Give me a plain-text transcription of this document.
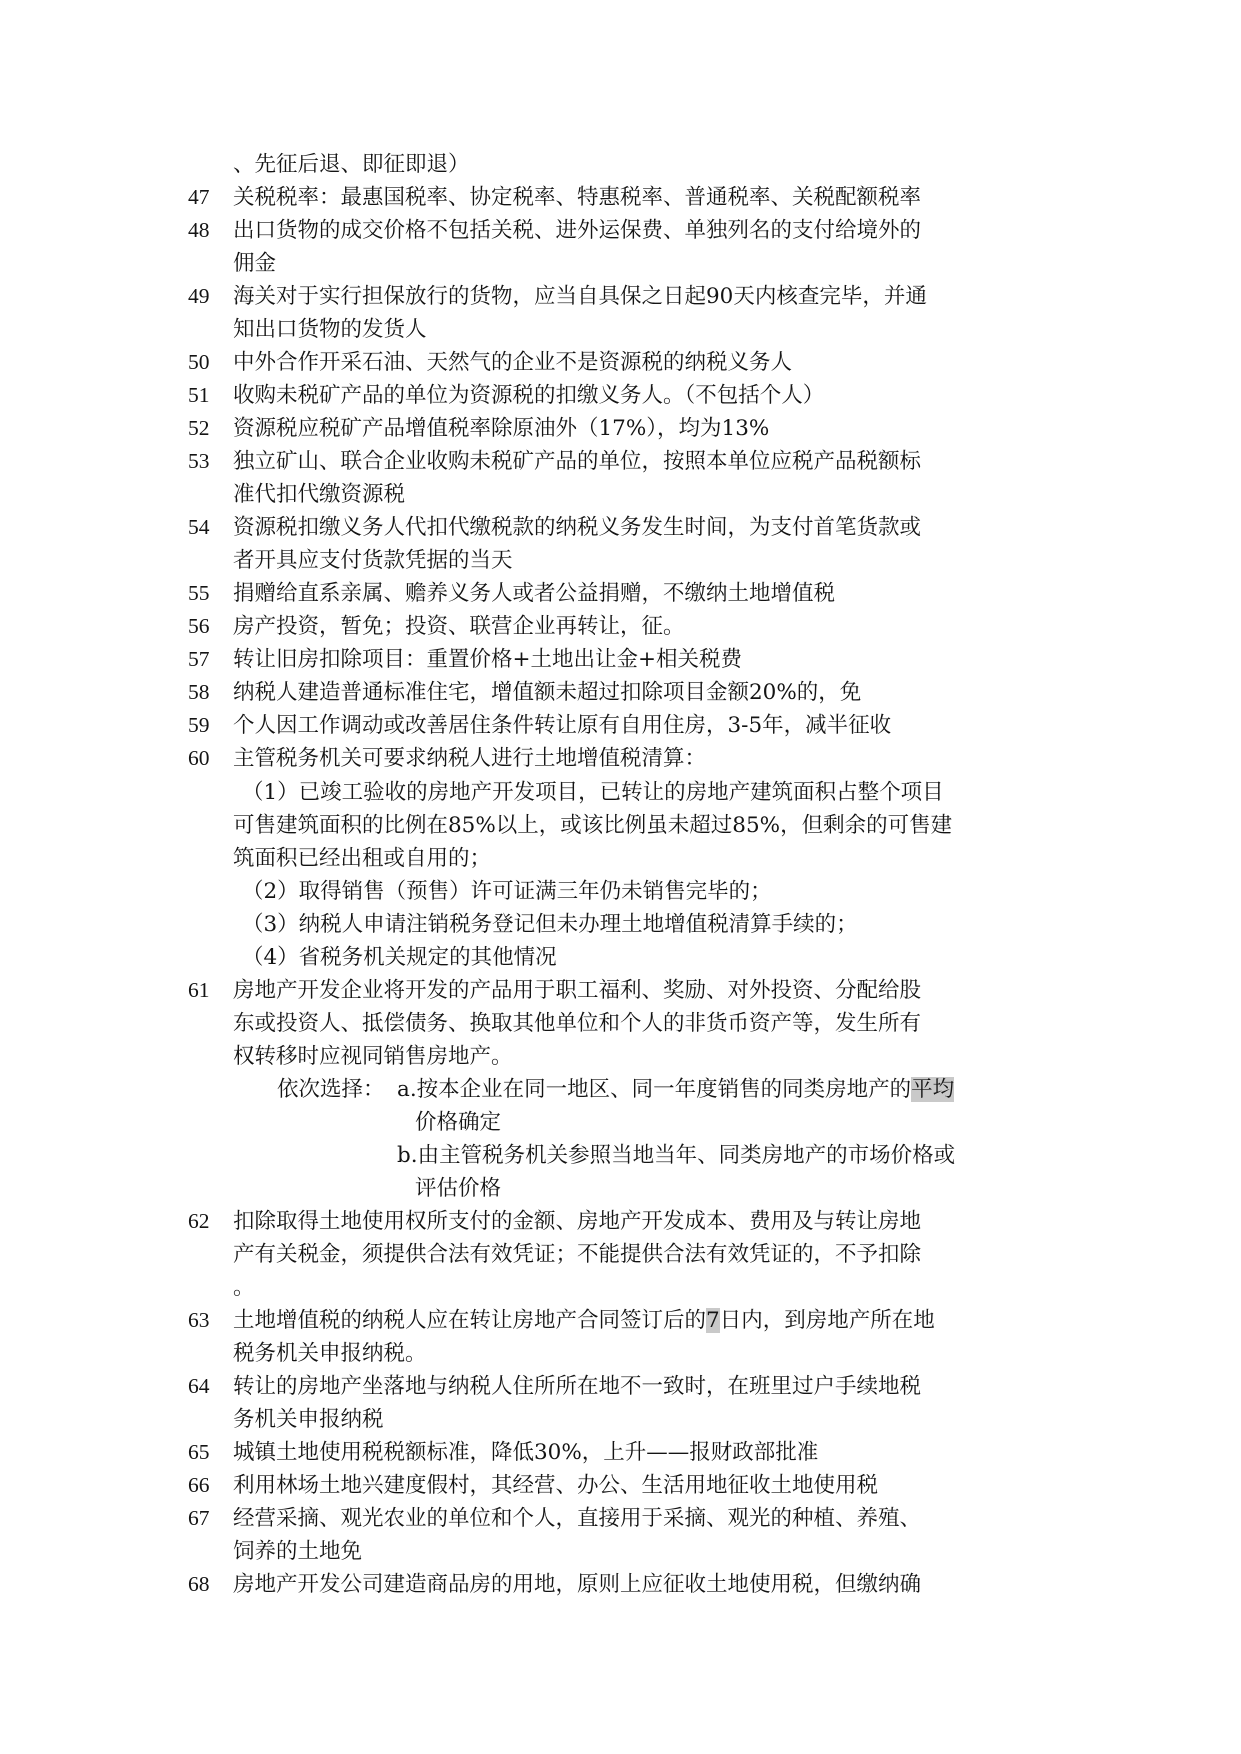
、先征后退、即征即退）
47	关税税率：最惠国税率、协定税率、特惠税率、普通税率、关税配额税率
48	出口货物的成交价格不包括关税、进外运保费、单独列名的支付给境外的
佣金
49	海关对于实行担保放行的货物，应当自具保之日起90天内核查完毕，并通
知出口货物的发货人
50	中外合作开采石油、天然气的企业不是资源税的纳税义务人
51	收购未税矿产品的单位为资源税的扣缴义务人。（不包括个人）
52	资源税应税矿产品增值税率除原油外（17%），均为13%
53	独立矿山、联合企业收购未税矿产品的单位，按照本单位应税产品税额标
准代扣代缴资源税
54	资源税扣缴义务人代扣代缴税款的纳税义务发生时间，为支付首笔货款或
者开具应支付货款凭据的当天
55	捐赠给直系亲属、赡养义务人或者公益捐赠，不缴纳土地增值税
56	房产投资，暂免；投资、联营企业再转让，征。
57	转让旧房扣除项目：重置价格+土地出让金+相关税费
58	纳税人建造普通标准住宅，增值额未超过扣除项目金额20%的，免
59	个人因工作调动或改善居住条件转让原有自用住房，3-5年，减半征收
60	主管税务机关可要求纳税人进行土地增值税清算：
（1）已竣工验收的房地产开发项目，已转让的房地产建筑面积占整个项目
可售建筑面积的比例在85%以上，或该比例虽未超过85%，但剩余的可售建
筑面积已经出租或自用的；
（2）取得销售（预售）许可证满三年仍未销售完毕的；
（3）纳税人申请注销税务登记但未办理土地增值税清算手续的；
（4）省税务机关规定的其他情况
61	房地产开发企业将开发的产品用于职工福利、奖励、对外投资、分配给股
东或投资人、抵偿债务、换取其他单位和个人的非货币资产等，发生所有
权转移时应视同销售房地产。
依次选择： a.按本企业在同一地区、同一年度销售的同类房地产的平均
价格确定
b.由主管税务机关参照当地当年、同类房地产的市场价格或
评估价格
62	扣除取得土地使用权所支付的金额、房地产开发成本、费用及与转让房地
产有关税金，须提供合法有效凭证；不能提供合法有效凭证的，不予扣除
。
63	土地增值税的纳税人应在转让房地产合同签订后的7日内，到房地产所在地
税务机关申报纳税。
64	转让的房地产坐落地与纳税人住所所在地不一致时，在班里过户手续地税
务机关申报纳税
65	城镇土地使用税税额标准，降低30%，上升——报财政部批准
66	利用林场土地兴建度假村，其经营、办公、生活用地征收土地使用税
67	经营采摘、观光农业的单位和个人，直接用于采摘、观光的种植、养殖、
饲养的土地免
68	房地产开发公司建造商品房的用地，原则上应征收土地使用税，但缴纳确
